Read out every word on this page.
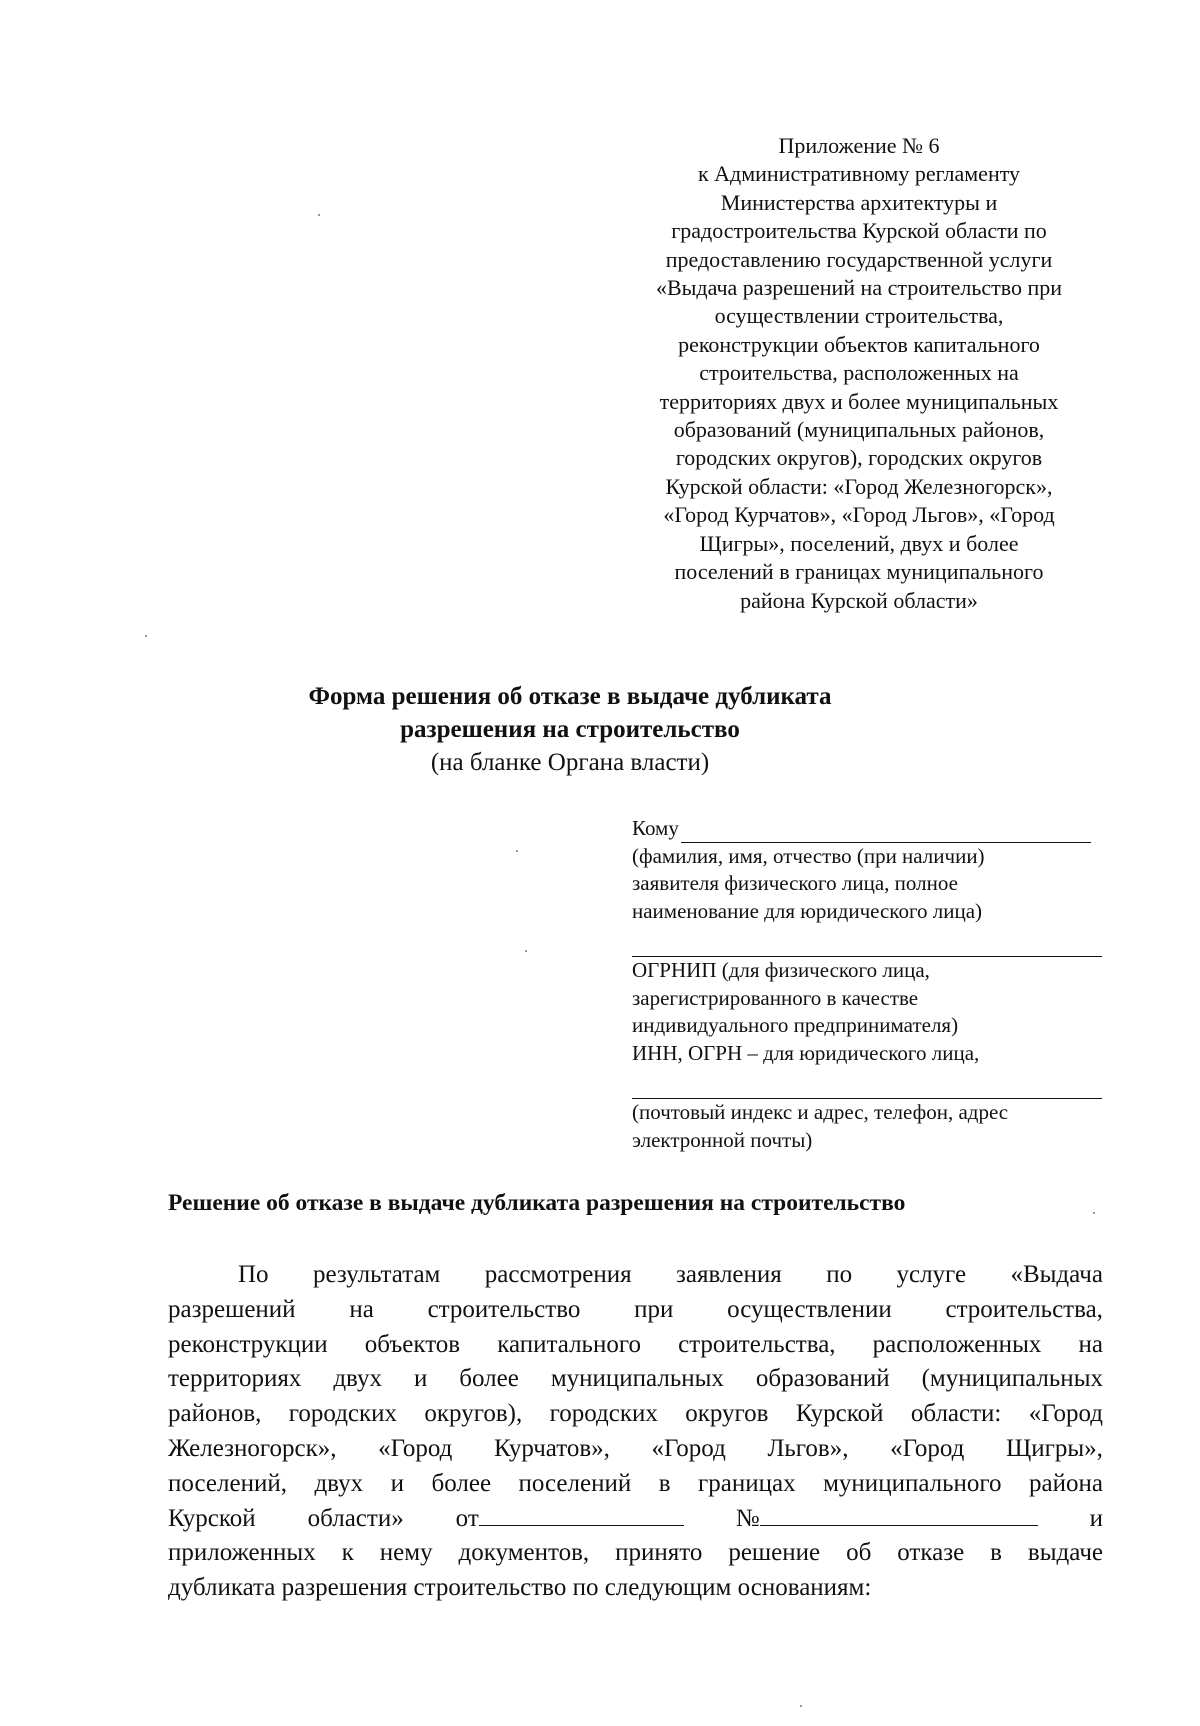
Приложение № 6
к Административному регламенту
Министерства архитектуры и
градостроительства Курской области по
предоставлению государственной услуги
«Выдача разрешений на строительство при
осуществлении строительства,
реконструкции объектов капитального
строительства, расположенных на
территориях двух и более муниципальных
образований (муниципальных районов,
городских округов), городских округов
Курской области: «Город Железногорск»,
«Город Курчатов», «Город Льгов», «Город
Щигры», поселений, двух и более
поселений в границах муниципального
района Курской области»
Форма решения об отказе в выдаче дубликата
разрешения на строительство
(на бланке Органа власти)
Кому
(фамилия, имя, отчество (при наличии)
заявителя физического лица, полное
наименование для юридического лица)
ОГРНИП (для физического лица,
зарегистрированного в качестве
индивидуального предпринимателя)
ИНН, ОГРН – для юридического лица,
(почтовый индекс и адрес, телефон, адрес
электронной почты)
Решение об отказе в выдаче дубликата разрешения на строительство
По результатам рассмотрения заявления по услуге «Выдача
разрешений на строительство при осуществлении строительства,
реконструкции объектов капитального строительства, расположенных на
территориях двух и более муниципальных образований (муниципальных
районов, городских округов), городских округов Курской области: «Город
Железногорск», «Город Курчатов», «Город Льгов», «Город Щигры»,
поселений, двух и более поселений в границах муниципального района
Курской области» от	№	и
приложенных к нему документов, принято решение об отказе в выдаче
дубликата разрешения строительство по следующим основаниям:
